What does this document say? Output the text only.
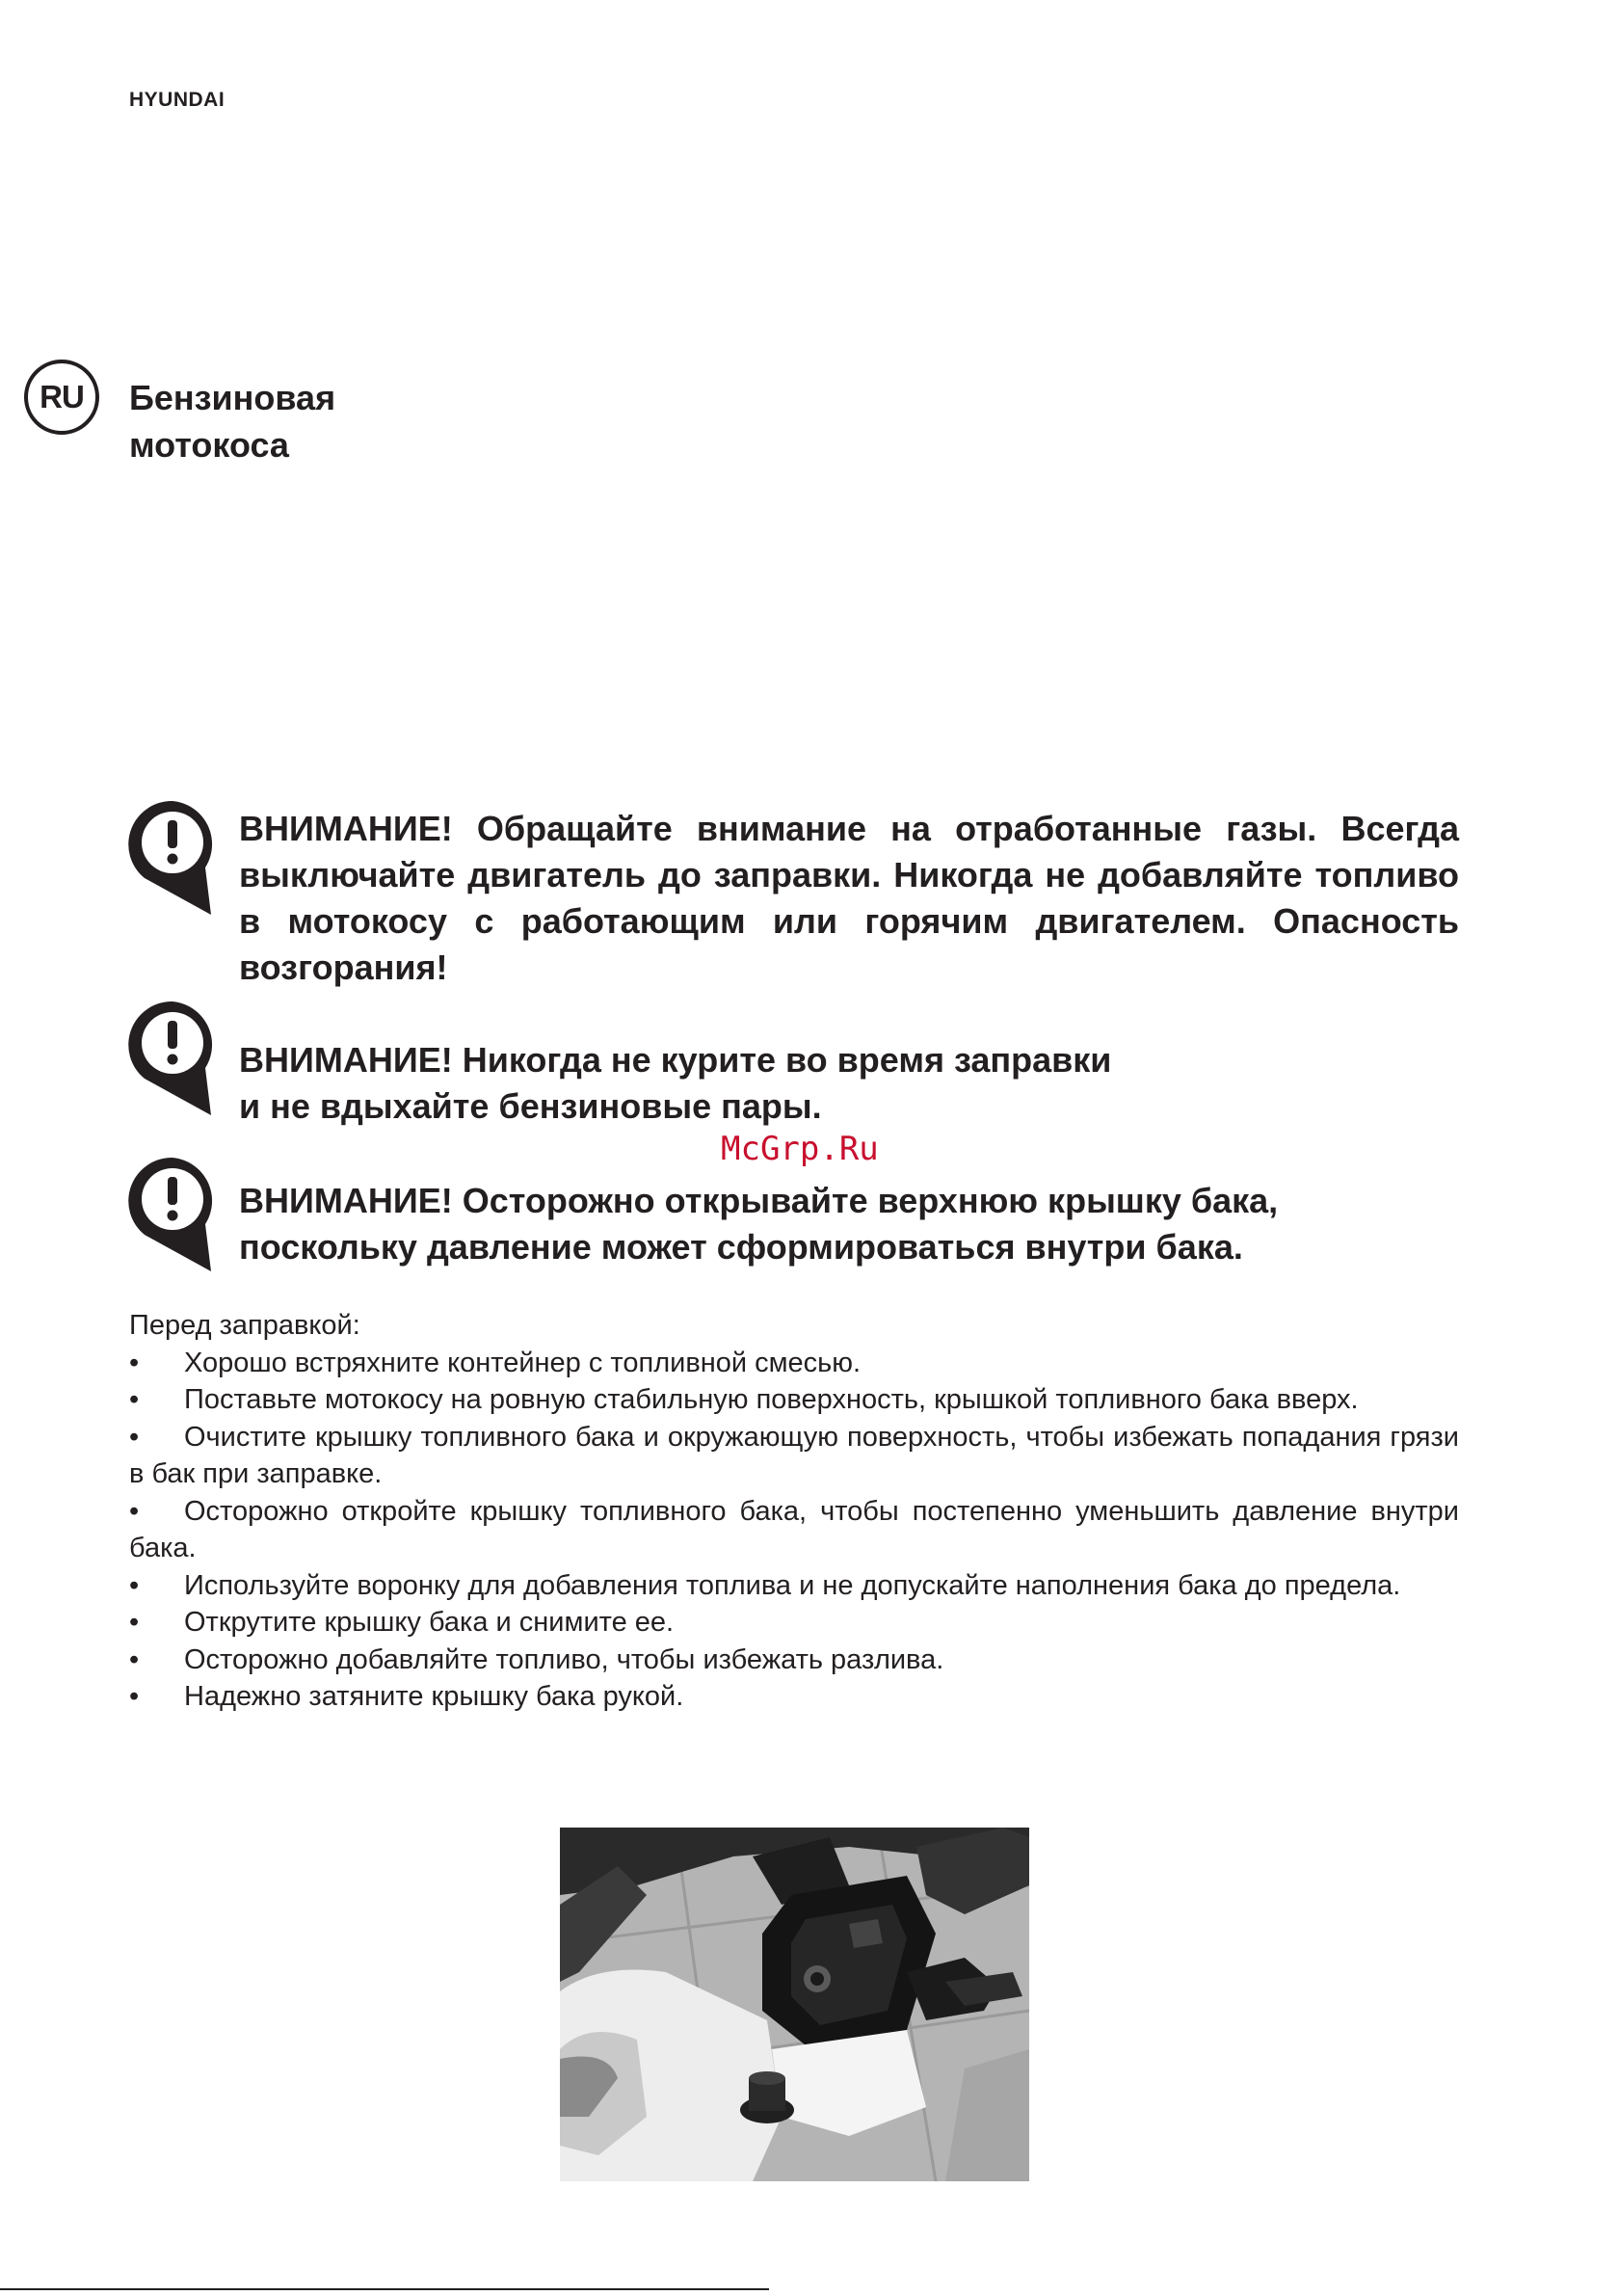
HYUNDAI
RU	Бензиновая
мотокоса

ВНИМАНИЕ! Обращайте внимание на отработанные газы. Всегда выключайте двигатель до заправки. Никогда не добавляйте топливо в мотокосу с работающим или горячим двигателем. Опасность возгорания!

ВНИМАНИЕ! Никогда не курите во время заправки
и не вдыхайте бензиновые пары.

McGrp.Ru

ВНИМАНИЕ! Осторожно открывайте верхнюю крышку бака,
поскольку давление может сформироваться внутри бака.

Перед заправкой:

• Хорошо встряхните контейнер с топливной смесью.
• Поставьте мотокосу на ровную стабильную поверхность, крышкой топливного бака вверх.
• Очистите крышку топливного бака и окружающую поверхность, чтобы избежать попадания грязи в бак при заправке.
• Осторожно откройте крышку топливного бака, чтобы постепенно уменьшить давление внутри бака.
• Используйте воронку для добавления топлива и не допускайте наполнения бака до предела.
• Открутите крышку бака и снимите ее.
• Осторожно добавляйте топливо, чтобы избежать разлива.
• Надежно затяните крышку бака рукой.
